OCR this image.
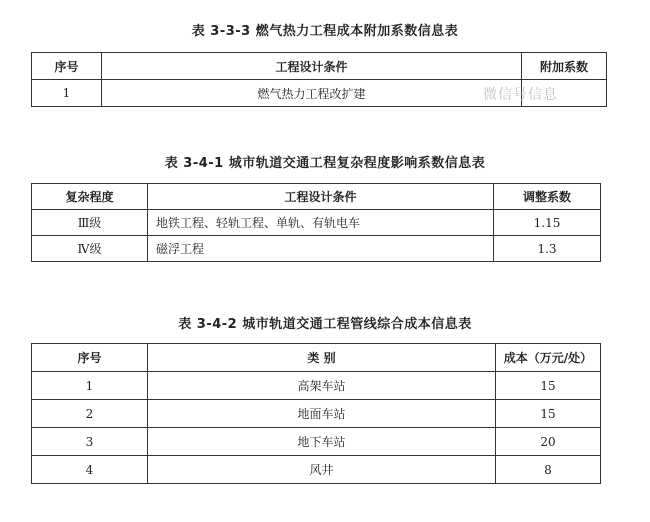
表 3-3-3 燃气热力工程成本附加系数信息表
序号	工程设计条件	附加系数
1	燃气热力工程改扩建		微信号信息
表 3-4-1 城市轨道交通工程复杂程度影响系数信息表
复杂程度	工程设计条件	调整系数
Ⅲ级	地铁工程、轻轨工程、单轨、有轨电车	1.15
Ⅳ级	磁浮工程	1.3
表 3-4-2 城市轨道交通工程管线综合成本信息表
序号	类 别	成本（万元/处）
1	高架车站	15
2	地面车站	15
3	地下车站	20
4	风井	8
